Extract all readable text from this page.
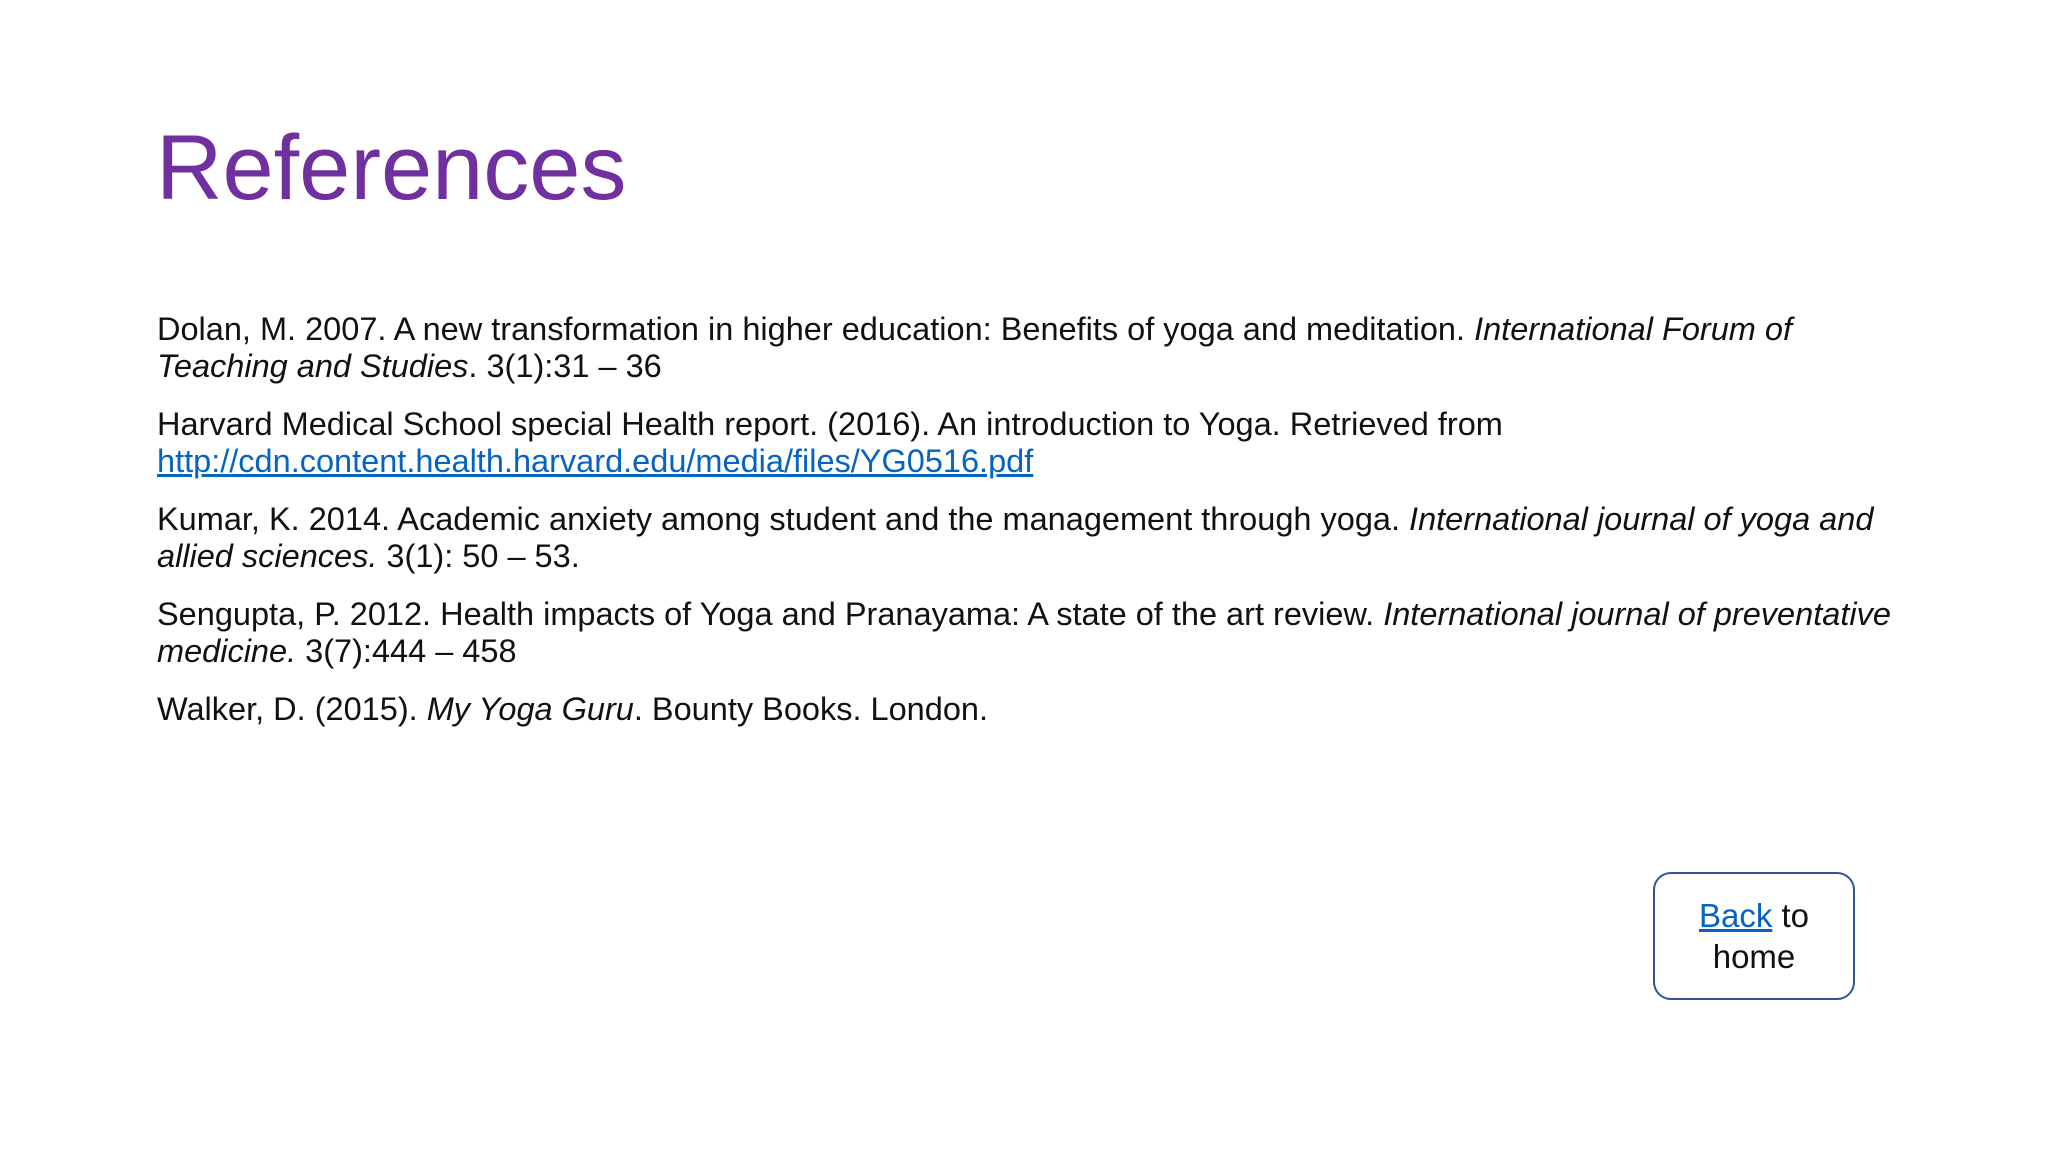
References

Dolan, M. 2007. A new transformation in higher education: Benefits of yoga and meditation. International Forum of Teaching and Studies. 3(1):31 – 36

Harvard Medical School special Health report. (2016). An introduction to Yoga. Retrieved from
http://cdn.content.health.harvard.edu/media/files/YG0516.pdf

Kumar, K. 2014. Academic anxiety among student and the management through yoga. International journal of yoga and allied sciences. 3(1): 50 – 53.

Sengupta, P. 2012. Health impacts of Yoga and Pranayama: A state of the art review. International journal of preventative medicine. 3(7):444 – 458

Walker, D. (2015). My Yoga Guru. Bounty Books. London.

Back to
home
